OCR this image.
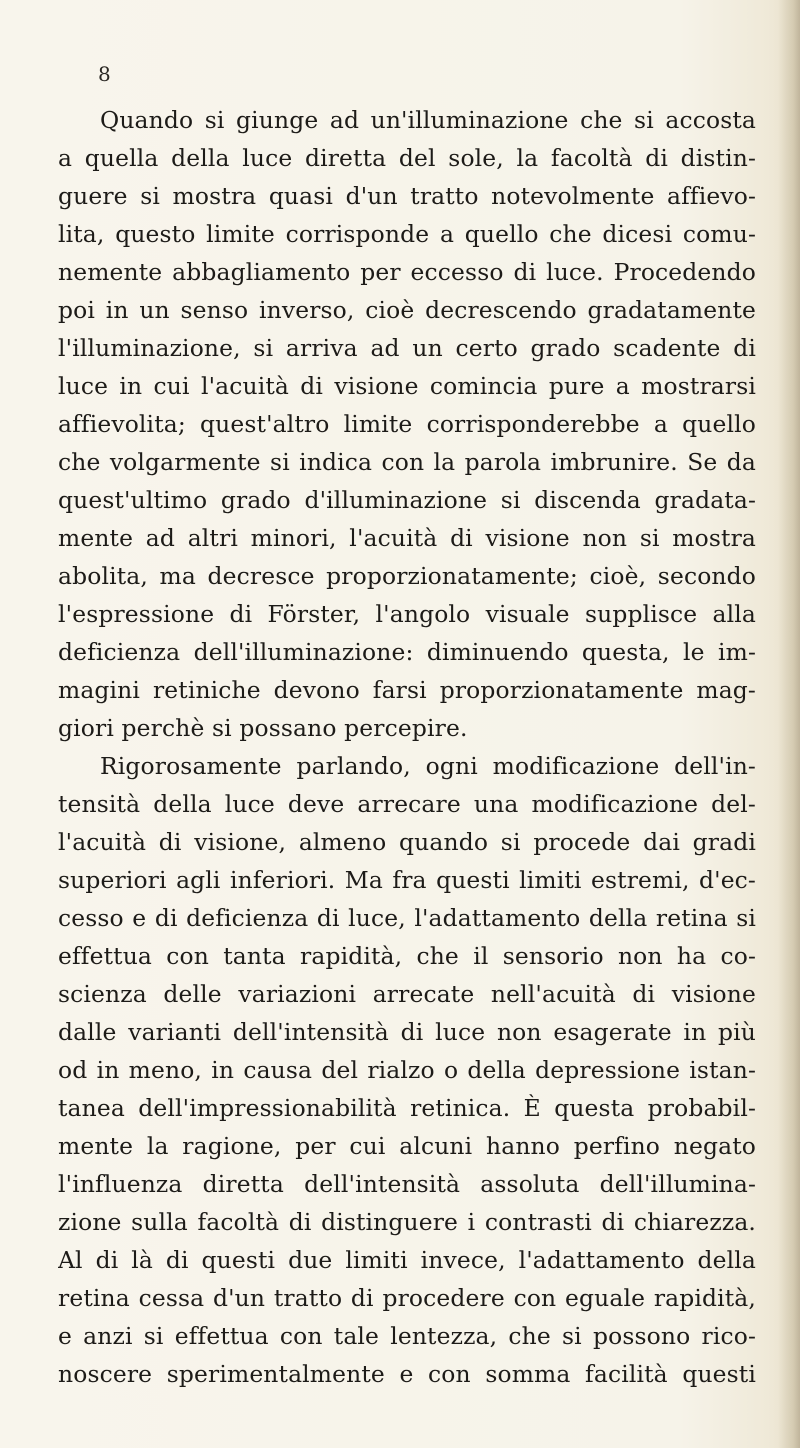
8
Quando si giunge ad un'illuminazione che si accosta
a quella della luce diretta del sole, la facoltà di distin-
guere si mostra quasi d'un tratto notevolmente affievo-
lita, questo limite corrisponde a quello che dicesi comu-
nemente abbagliamento per eccesso di luce. Procedendo
poi in un senso inverso, cioè decrescendo gradatamente
l'illuminazione, si arriva ad un certo grado scadente di
luce in cui l'acuità di visione comincia pure a mostrarsi
affievolita; quest'altro limite corrisponderebbe a quello
che volgarmente si indica con la parola imbrunire. Se da
quest'ultimo grado d'illuminazione si discenda gradata-
mente ad altri minori, l'acuità di visione non si mostra
abolita, ma decresce proporzionatamente; cioè, secondo
l'espressione di Förster, l'angolo visuale supplisce alla
deficienza dell'illuminazione: diminuendo questa, le im-
magini retiniche devono farsi proporzionatamente mag-
giori perchè si possano percepire.
Rigorosamente parlando, ogni modificazione dell'in-
tensità della luce deve arrecare una modificazione del-
l'acuità di visione, almeno quando si procede dai gradi
superiori agli inferiori. Ma fra questi limiti estremi, d'ec-
cesso e di deficienza di luce, l'adattamento della retina si
effettua con tanta rapidità, che il sensorio non ha co-
scienza delle variazioni arrecate nell'acuità di visione
dalle varianti dell'intensità di luce non esagerate in più
od in meno, in causa del rialzo o della depressione istan-
tanea dell'impressionabilità retinica. È questa probabil-
mente la ragione, per cui alcuni hanno perfino negato
l'influenza diretta dell'intensità assoluta dell'illumina-
zione sulla facoltà di distinguere i contrasti di chiarezza.
Al di là di questi due limiti invece, l'adattamento della
retina cessa d'un tratto di procedere con eguale rapidità,
e anzi si effettua con tale lentezza, che si possono rico-
noscere sperimentalmente e con somma facilità questi
